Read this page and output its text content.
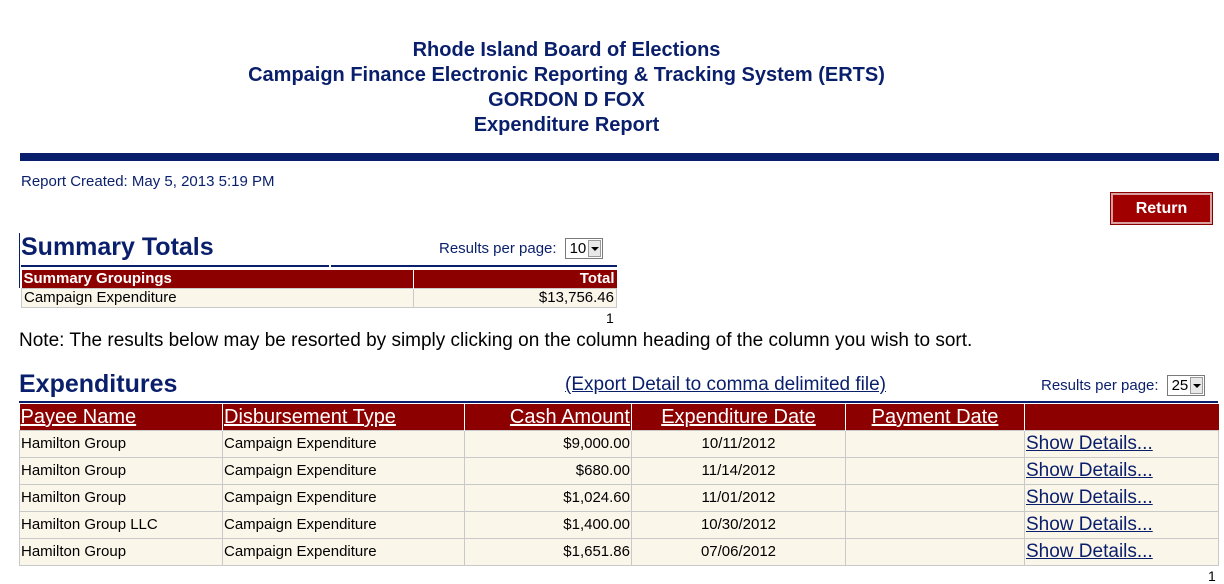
Rhode Island Board of Elections
Campaign Finance Electronic Reporting & Tracking System (ERTS)
GORDON D FOX
Expenditure Report
Report Created: May 5, 2013 5:19 PM
Return
Summary Totals	Results per page: 10
Summary Groupings	Total
Campaign Expenditure	$13,756.46
1
Note: The results below may be resorted by simply clicking on the column heading of the column you wish to sort.
Expenditures	(Export Detail to comma delimited file)	Results per page: 25
Payee Name	Disbursement Type	Cash Amount	Expenditure Date	Payment Date	
Hamilton Group	Campaign Expenditure	$9,000.00	10/11/2012		Show Details...
Hamilton Group	Campaign Expenditure	$680.00	11/14/2012		Show Details...
Hamilton Group	Campaign Expenditure	$1,024.60	11/01/2012		Show Details...
Hamilton Group LLC	Campaign Expenditure	$1,400.00	10/30/2012		Show Details...
Hamilton Group	Campaign Expenditure	$1,651.86	07/06/2012		Show Details...
1
